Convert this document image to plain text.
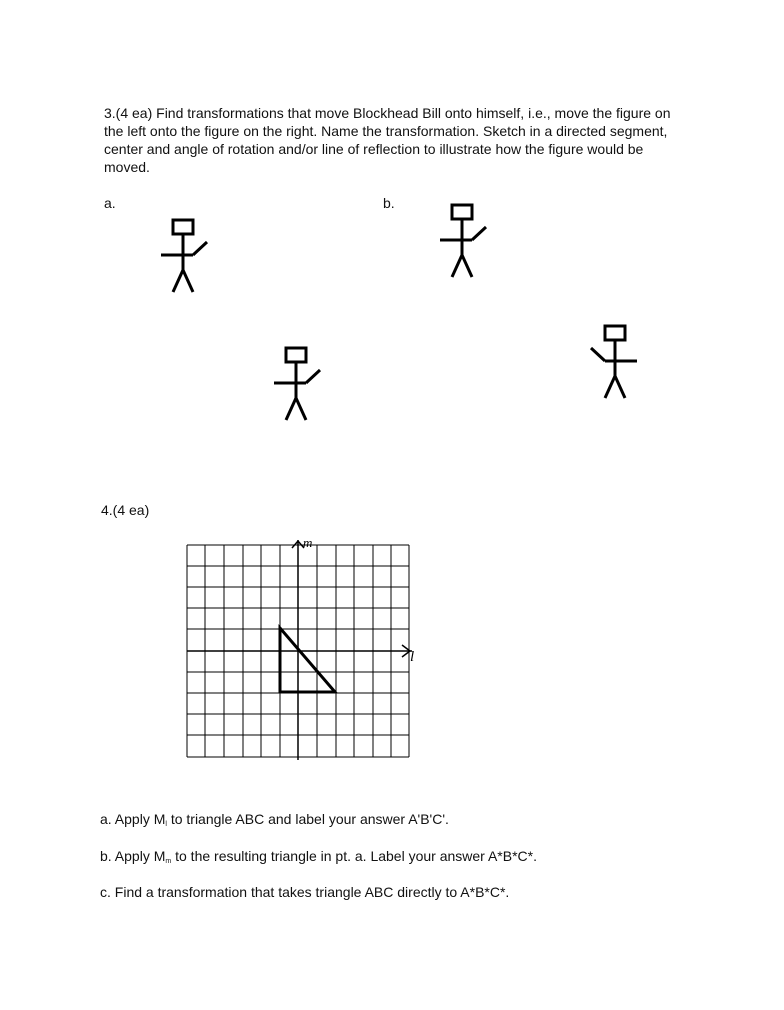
3.(4 ea) Find transformations that move Blockhead Bill onto himself, i.e., move the figure on the left onto the figure on the right. Name the transformation. Sketch in a directed segment, center and angle of rotation and/or line of reflection to illustrate how the figure would be moved.
a.	b.
m
l
4.(4 ea)
a. Apply $M_l$ to triangle ABC and label your answer A'B'C'.
b. Apply $M_m$ to the resulting triangle in pt. a. Label your answer A*B*C*.
c. Find a transformation that takes triangle ABC directly to A*B*C*.
